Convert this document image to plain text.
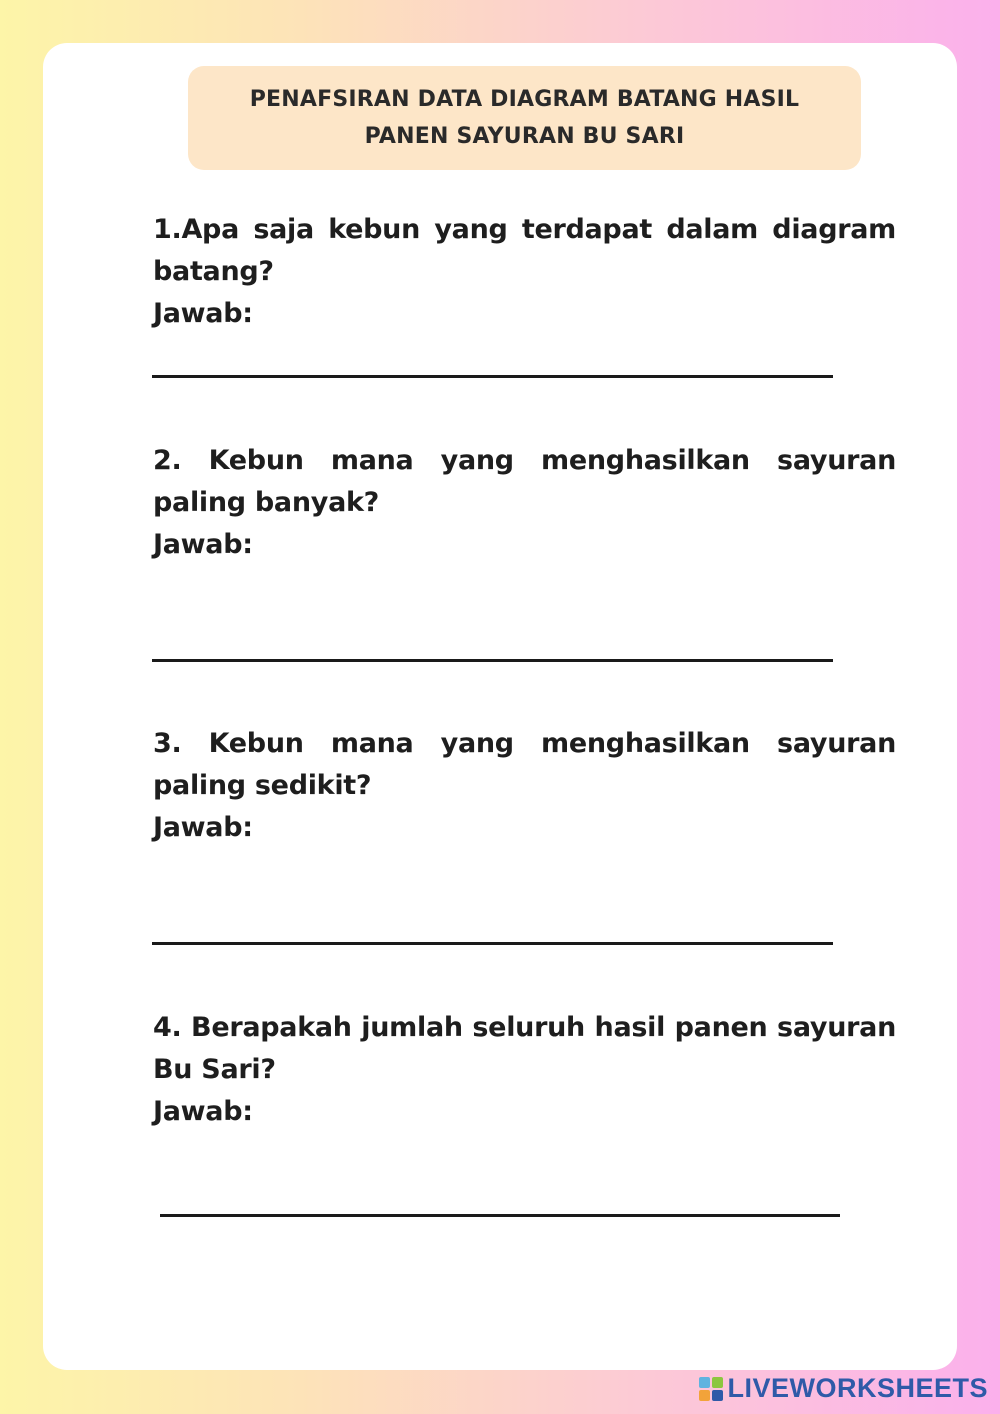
PENAFSIRAN DATA DIAGRAM BATANG HASIL
PANEN SAYURAN BU SARI
1.Apa saja kebun yang terdapat dalam diagram batang?
Jawab:
2. Kebun mana yang menghasilkan sayuran paling banyak?
Jawab:
3. Kebun mana yang menghasilkan sayuran paling sedikit?
Jawab:
4. Berapakah jumlah seluruh hasil panen sayuran Bu Sari?
Jawab:
LIVEWORKSHEETS
